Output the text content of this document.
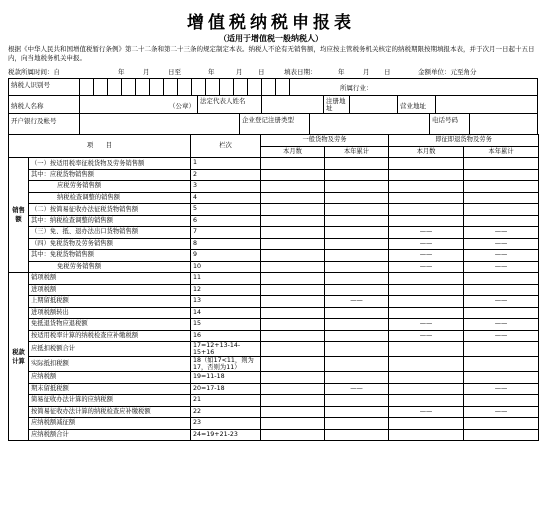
增值税纳税申报表
（适用于增值税一般纳税人）
根据《中华人民共和国增值税暂行条例》第二十二条和第二十三条的规定制定本表。纳税人不论有无销售额，均应按主管税务机关核定的纳税期限按期填报本表，并于次月一日起十五日内，向当地税务机关申报。
税款所属时间：自	年	月	日至	年	月 日	填表日期：	年	月 日	金额单位：元至角分
纳税人识别号	所属行业：
纳税人名称	（公章）
法定代表人姓名	注册地址	营业地址
开户银行及帐号	企业登记注册类型	电话号码
项　　目		栏次	一般货物及劳务		即征即退货物及劳务	
			本月数	本年累计	本月数	本年累计
销售额	（一）按适用税率征税货物及劳务销售额	1				
	其中：应税货物销售额	2				
	应税劳务销售额	3				
	纳税检查调整的销售额	4				
	（二）按简易征收办法征税货物销售额	5				
	其中：纳税检查调整的销售额	6				
	（三）免、抵、退办法出口货物销售额	7			——	——
	（四）免税货物及劳务销售额	8			——	——
	其中：免税货物销售额	9			——	——
	免税劳务销售额	10			——	——
税款计算	销项税额	11				
	进项税额	12				
	上期留抵税额	13		——		——
	进项税额转出	14				
	免抵退货物应退税额	15			——	——
	按适用税率计算的纳税检查应补缴税额	16			——	——
	应抵扣税额合计	17=12+13-14-15+16				
	实际抵扣税额	18（如17<11，则为17，否则为11）				
	应纳税额	19=11-18				
	期末留抵税额	20=17-18		——		——
	简易征收办法计算的应纳税额	21				
	按简易征收办法计算的纳税检查应补缴税额	22			——	——
	应纳税额减征额	23				
	应纳税额合计	24=19+21-23				
